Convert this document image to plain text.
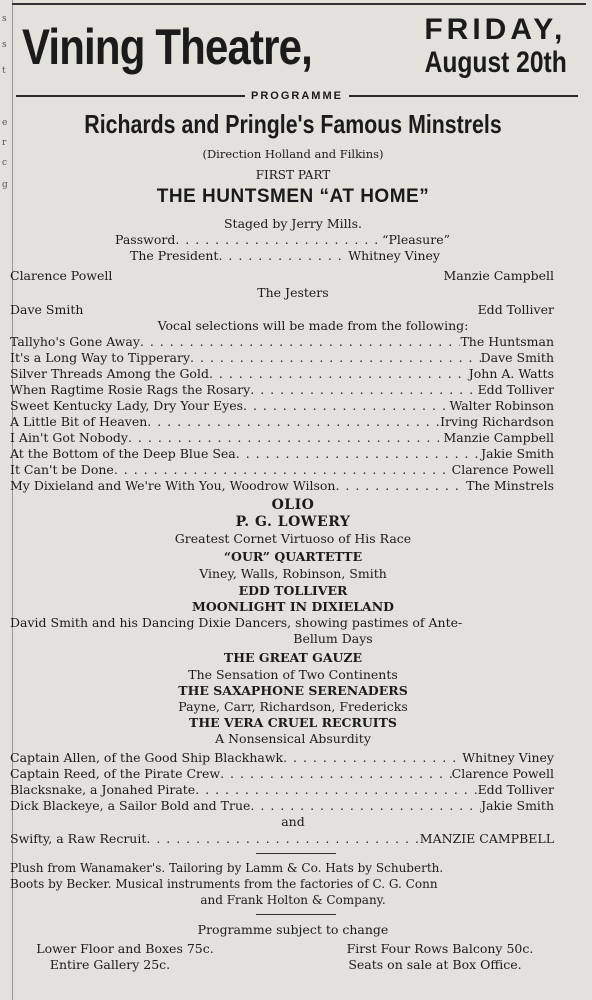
s
s
t
e
r
c
g
Vining Theatre,	FRIDAY,
August 20th
PROGRAMME
Richards and Pringle's Famous Minstrels
(Direction Holland and Filkins)
FIRST PART
THE HUNTSMEN “AT HOME”
Staged by Jerry Mills.
Password . . .	“Pleasure”
The President . . .	Whitney Viney
Clarence Powell	Manzie Campbell
The Jesters
Dave Smith	Edd Tolliver
Vocal selections will be made from the following:
Tallyho's Gone Away . . .	The Huntsman
It's a Long Way to Tipperary . . .	Dave Smith
Silver Threads Among the Gold . . .	John A. Watts
When Ragtime Rosie Rags the Rosary . . .	Edd Tolliver
Sweet Kentucky Lady, Dry Your Eyes . . .	Walter Robinson
A Little Bit of Heaven . . .	Irving Richardson
I Ain't Got Nobody . . .	Manzie Campbell
At the Bottom of the Deep Blue Sea . . .	Jakie Smith
It Can't be Done . . .	Clarence Powell
My Dixieland and We're With You, Woodrow Wilson . . .	The Minstrels
OLIO
P. G. LOWERY
Greatest Cornet Virtuoso of His Race
“OUR” QUARTETTE
Viney, Walls, Robinson, Smith
EDD TOLLIVER
MOONLIGHT IN DIXIELAND
David Smith and his Dancing Dixie Dancers, showing pastimes of Ante-
Bellum Days
THE GREAT GAUZE
The Sensation of Two Continents
THE SAXAPHONE SERENADERS
Payne, Carr, Richardson, Fredericks
THE VERA CRUEL RECRUITS
A Nonsensical Absurdity
Captain Allen, of the Good Ship Blackhawk . . .	Whitney Viney
Captain Reed, of the Pirate Crew . . .	Clarence Powell
Blacksnake, a Jonahed Pirate . . .	Edd Tolliver
Dick Blackeye, a Sailor Bold and True . . .	Jakie Smith
and
Swifty, a Raw Recruit . . .	MANZIE CAMPBELL
Plush from Wanamaker's. Tailoring by Lamm & Co. Hats by Schuberth.
Boots by Becker. Musical instruments from the factories of C. G. Conn
and Frank Holton & Company.
Programme subject to change
Lower Floor and Boxes 75c.
Entire Gallery 25c.
First Four Rows Balcony 50c.
Seats on sale at Box Office.
